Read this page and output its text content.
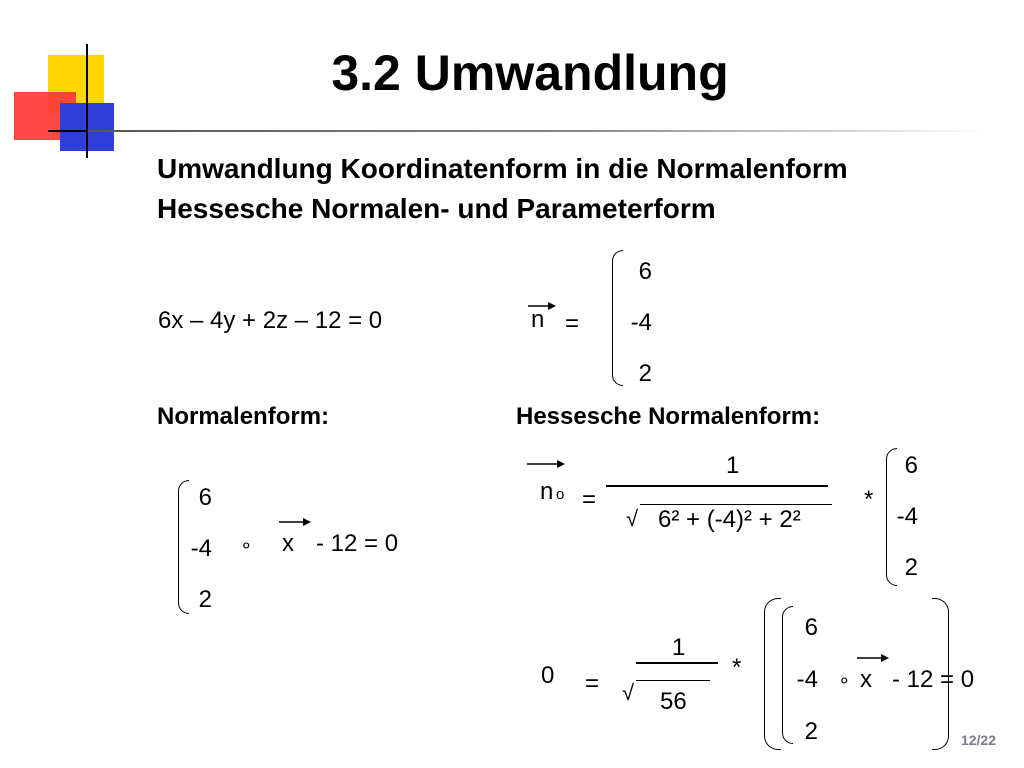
3.2 Umwandlung
Umwandlung Koordinatenform in die Normalenform
Hessesche Normalen- und Parameterform
6x – 4y + 2z – 12 = 0	n =
6
-4
2
Normalenform:	Hessesche Normalenform:
6
-4
2
∘ x - 12 = 0
n o =
1
√ 6² + (-4)² + 2²
*
6
-4
2
0 =
1
√ 56
*
6
-4
2
∘ x - 12 = 0
12/22
